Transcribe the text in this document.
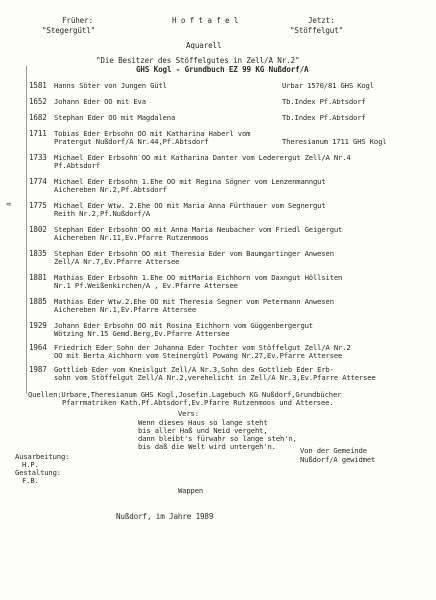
Früher:
"Stegergütl"
H o f t a f e l
Aquarell
Jetzt:
"Stöffelgut"
"Die Besitzer des Stöffelgutes in Zell/A Nr.2"
GHS Kogl - Grundbuch EZ 99 KG Nußdorf/A
1581 Hanns Söter von Jungen Gütl	Urbar 1570/81 GHS Kogl
1652 Johann Eder OO mit Eva	Tb.Index Pf.Abtsdorf
1682 Stephan Eder OO mit Magdalena	Tb.Index Pf.Abtsdorf
1711 Tobias Eder Erbsohn OO mit Katharina Haberl vom
Pratergut Nußdorf/A Nr.44,Pf.Abtsdorf	Theresianum 1711 GHS Kogl
1733 Michael Eder Erbsohn OO mit Katharina Danter vom Lederergut Zell/A Nr.4
Pf.Abtsdorf
1774 Michael Eder Erbsohn 1.Ehe OO mit Regina Sögner vom Lenzenmanngut
Aichereben Nr.2,Pf.Abtsdorf
1775 Michael Eder Wtw. 2.Ehe OO mit Maria Anna Fürthauer vom Segnergut
Reith Nr.2,Pf.Nußdorf/A
≈
1802 Stephan Eder Erbsohn OO mit Anna Maria Neubacher vom Friedl Geigergut
Aichereben Nr.11,Ev.Pfarre Rutzenmoos
1835 Stephan Eder Erbsohn OO mit Theresia Eder vom Baumgartinger Anwesen
Zell/A Nr.7,Ev.Pfarre Attersee
1881 Mathias Eder Erbsohn 1.Ehe OO mitMaria Eichhorn vom Daxngut Höllsiten
Nr.1 Pf.Weißenkirchen/A , Ev.Pfarre Attersee
1885 Mathias Eder Wtw.2.Ehe OO mit Theresia Segner vom Petermann Anwesen
Aichereben Nr.1,Ev.Pfarre Attersee
1929 Johann Eder Erbsohn OO mit Rosina Eichhorn vom Güggenbergergut
Wötzing Nr.15 Gemd.Berg,Ev.Pfarre Attersee
1964 Friedrich Eder Sohn der Johanna Eder Tochter vom Stöffelgut Zell/A Nr.2
OO mit Berta Aichhorn vom Steinergütl Powang Nr.27,Ev.Pfarre Attersee
1987 Gottlieb Eder vom Kneislgut Zell/A Nr.3,Sohn des Gottlieb Eder Erb-
sohn vom Stöffelgut Zell/A Nr.2,verehelicht in Zell/A Nr.3,Ev.Pfarre Attersee
Quellen:Urbare,Theresianum GHS Kogl,Josefin.Lagebuch KG Nußdorf,Grundbücher
Pfarrmatriken Kath.Pf.Abtsdorf,Ev.Pfarre Rutzenmoos und Attersee.
Vers:
Wenn dieses Haus so lange steht
bis aller Haß und Neid vergeht,
dann bleibt's fürwahr so lange steh'n,
bis daß die Welt wird untergeh'n.	Von der Gemeinde
Nußdorf/A gewidmet
Ausarbeitung:
H.P.
Gestaltung:
F.B.
Wappen
Nußdorf, im Jahre 1989
